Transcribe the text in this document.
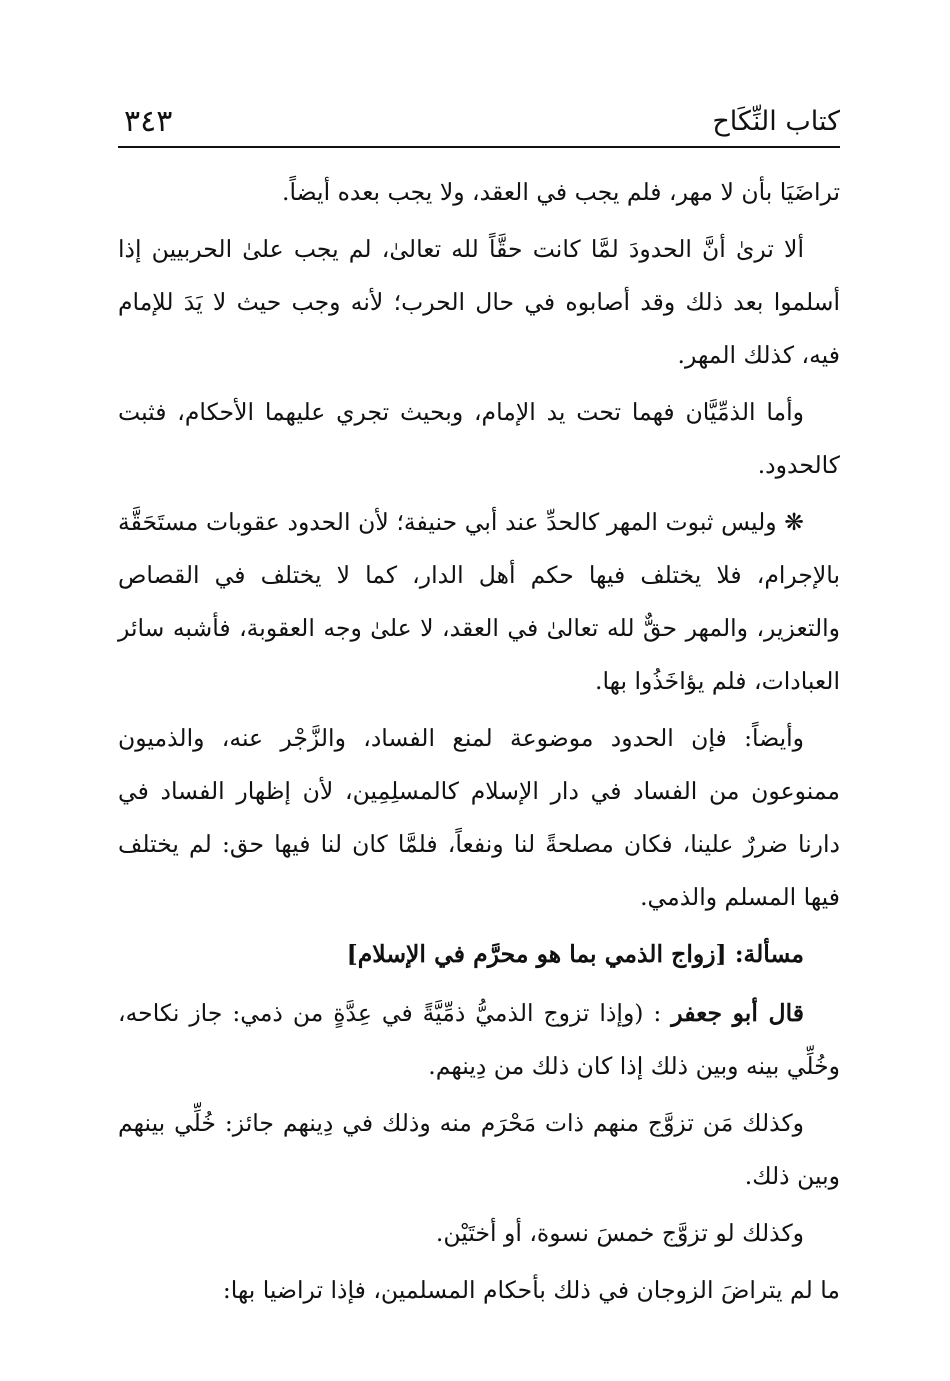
كتاب النِّكَاح
٣٤٣

تراضَيَا بأن لا مهر، فلم يجب في العقد، ولا يجب بعده أيضاً.

ألا ترىٰ أنَّ الحدودَ لمَّا كانت حقَّاً لله تعالىٰ، لم يجب علىٰ الحربيين إذا أسلموا بعد ذلك وقد أصابوه في حال الحرب؛ لأنه وجب حيث لا يَدَ للإمام فيه، كذلك المهر.

وأما الذمِّيَّان فهما تحت يد الإمام، وبحيث تجري عليهما الأحكام، فثبت كالحدود.

❋ وليس ثبوت المهر كالحدِّ عند أبي حنيفة؛ لأن الحدود عقوبات مستَحَقَّة بالإجرام، فلا يختلف فيها حكم أهل الدار، كما لا يختلف في القصاص والتعزير، والمهر حقٌّ لله تعالىٰ في العقد، لا علىٰ وجه العقوبة، فأشبه سائر العبادات، فلم يؤاخَذُوا بها.

وأيضاً: فإن الحدود موضوعة لمنع الفساد، والزَّجْر عنه، والذميون ممنوعون من الفساد في دار الإسلام كالمسلِمِين، لأن إظهار الفساد في دارنا ضررٌ علينا، فكان مصلحةً لنا ونفعاً، فلمَّا كان لنا فيها حق: لم يختلف فيها المسلم والذمي.

مسألة: [زواج الذمي بما هو محرَّم في الإسلام]

قال أبو جعفر : (وإذا تزوج الذميُّ ذمِّيَّةً في عِدَّةٍ من ذمي: جاز نكاحه، وخُلِّي بينه وبين ذلك إذا كان ذلك من دِينهم.

وكذلك مَن تزوَّج منهم ذات مَحْرَم منه وذلك في دِينهم جائز: خُلِّي بينهم وبين ذلك.

وكذلك لو تزوَّج خمسَ نسوة، أو أختَيْن.

ما لم يتراضَ الزوجان في ذلك بأحكام المسلمين، فإذا تراضيا بها:
